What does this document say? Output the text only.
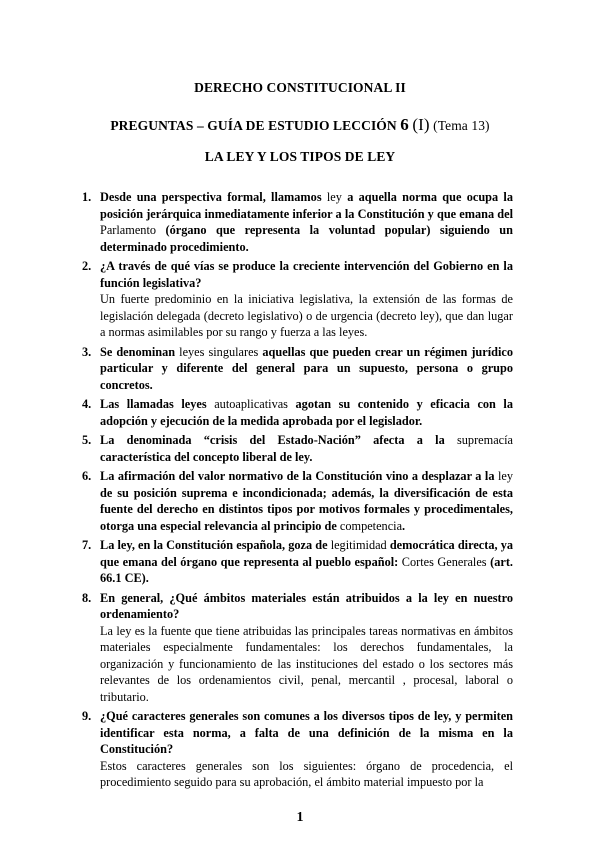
DERECHO CONSTITUCIONAL II
PREGUNTAS – GUÍA DE ESTUDIO LECCIÓN 6 (I) (Tema 13)
LA LEY Y LOS TIPOS DE LEY
1. Desde una perspectiva formal, llamamos ley a aquella norma que ocupa la posición jerárquica inmediatamente inferior a la Constitución y que emana del Parlamento (órgano que representa la voluntad popular) siguiendo un determinado procedimiento.
2. ¿A través de qué vías se produce la creciente intervención del Gobierno en la función legislativa?
Un fuerte predominio en la iniciativa legislativa, la extensión de las formas de legislación delegada (decreto legislativo) o de urgencia (decreto ley), que dan lugar a normas asimilables por su rango y fuerza a las leyes.
3. Se denominan leyes singulares aquellas que pueden crear un régimen jurídico particular y diferente del general para un supuesto, persona o grupo concretos.
4. Las llamadas leyes autoaplicativas agotan su contenido y eficacia con la adopción y ejecución de la medida aprobada por el legislador.
5. La denominada “crisis del Estado-Nación” afecta a la supremacía característica del concepto liberal de ley.
6. La afirmación del valor normativo de la Constitución vino a desplazar a la ley de su posición suprema e incondicionada; además, la diversificación de esta fuente del derecho en distintos tipos por motivos formales y procedimentales, otorga una especial relevancia al principio de competencia.
7. La ley, en la Constitución española, goza de legitimidad democrática directa, ya que emana del órgano que representa al pueblo español: Cortes Generales (art. 66.1 CE).
8. En general, ¿Qué ámbitos materiales están atribuidos a la ley en nuestro ordenamiento?
La ley es la fuente que tiene atribuidas las principales tareas normativas en ámbitos materiales especialmente fundamentales: los derechos fundamentales, la organización y funcionamiento de las instituciones del estado o los sectores más relevantes de los ordenamientos civil, penal, mercantil , procesal, laboral o tributario.
9. ¿Qué caracteres generales son comunes a los diversos tipos de ley, y permiten identificar esta norma, a falta de una definición de la misma en la Constitución?
Estos caracteres generales son los siguientes: órgano de procedencia, el procedimiento seguido para su aprobación, el ámbito material impuesto por la
1
